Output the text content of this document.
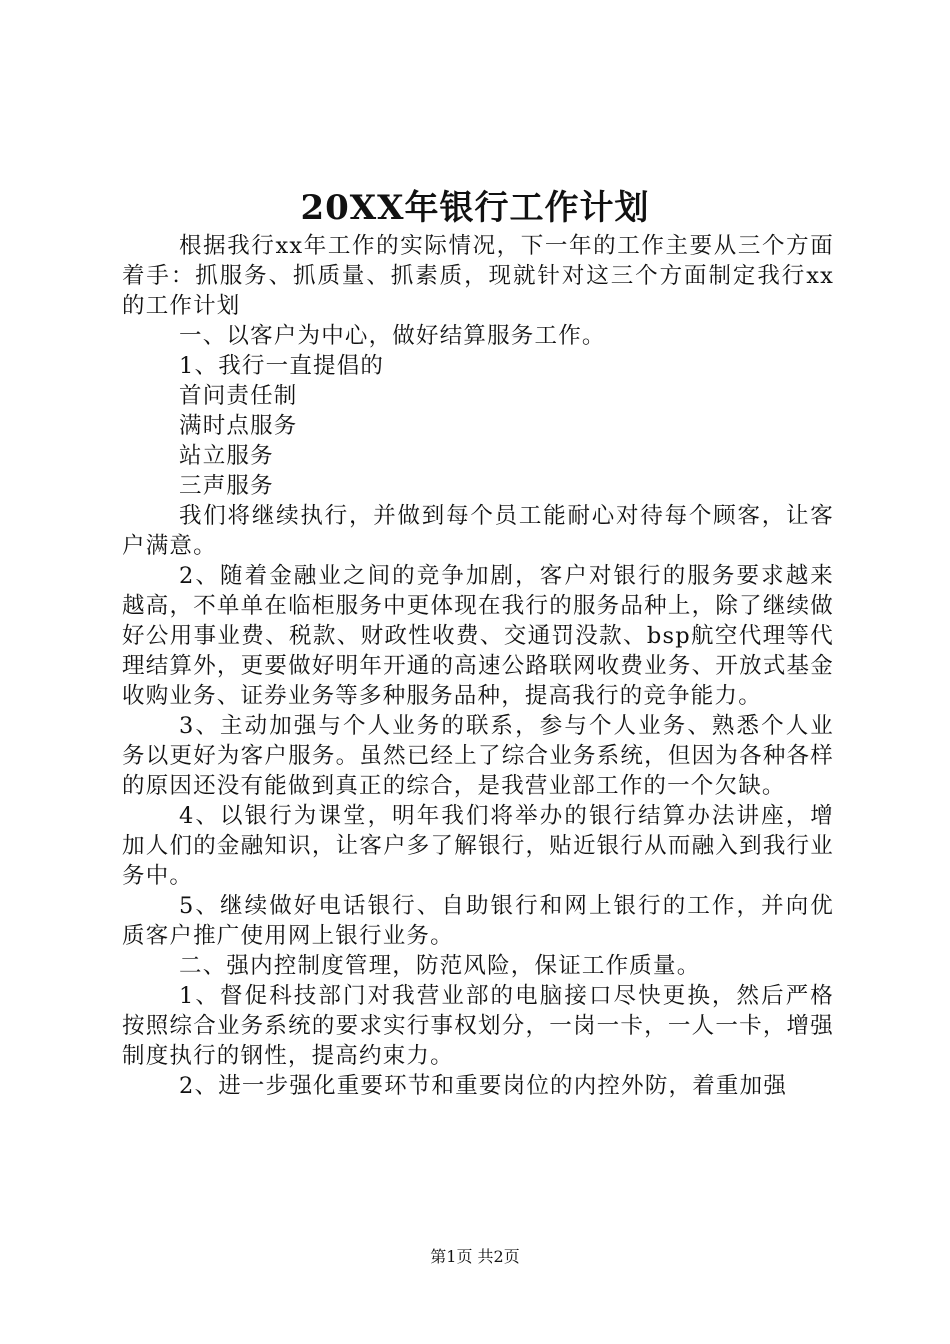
20XX年银行工作计划

根据我行xx年工作的实际情况，下一年的工作主要从三个方面着手：抓服务、抓质量、抓素质，现就针对这三个方面制定我行xx的工作计划

一、以客户为中心，做好结算服务工作。

1、我行一直提倡的

首问责任制

满时点服务

站立服务

三声服务

我们将继续执行，并做到每个员工能耐心对待每个顾客，让客户满意。

2、随着金融业之间的竞争加剧，客户对银行的服务要求越来越高，不单单在临柜服务中更体现在我行的服务品种上，除了继续做好公用事业费、税款、财政性收费、交通罚没款、bsp航空代理等代理结算外，更要做好明年开通的高速公路联网收费业务、开放式基金收购业务、证券业务等多种服务品种，提高我行的竞争能力。

3、主动加强与个人业务的联系，参与个人业务、熟悉个人业务以更好为客户服务。虽然已经上了综合业务系统，但因为各种各样的原因还没有能做到真正的综合，是我营业部工作的一个欠缺。

4、以银行为课堂，明年我们将举办的银行结算办法讲座，增加人们的金融知识，让客户多了解银行，贴近银行从而融入到我行业务中。

5、继续做好电话银行、自助银行和网上银行的工作，并向优质客户推广使用网上银行业务。

二、强内控制度管理，防范风险，保证工作质量。

1、督促科技部门对我营业部的电脑接口尽快更换，然后严格按照综合业务系统的要求实行事权划分，一岗一卡，一人一卡，增强制度执行的钢性，提高约束力。

2、进一步强化重要环节和重要岗位的内控外防，着重加强

第1页 共2页
